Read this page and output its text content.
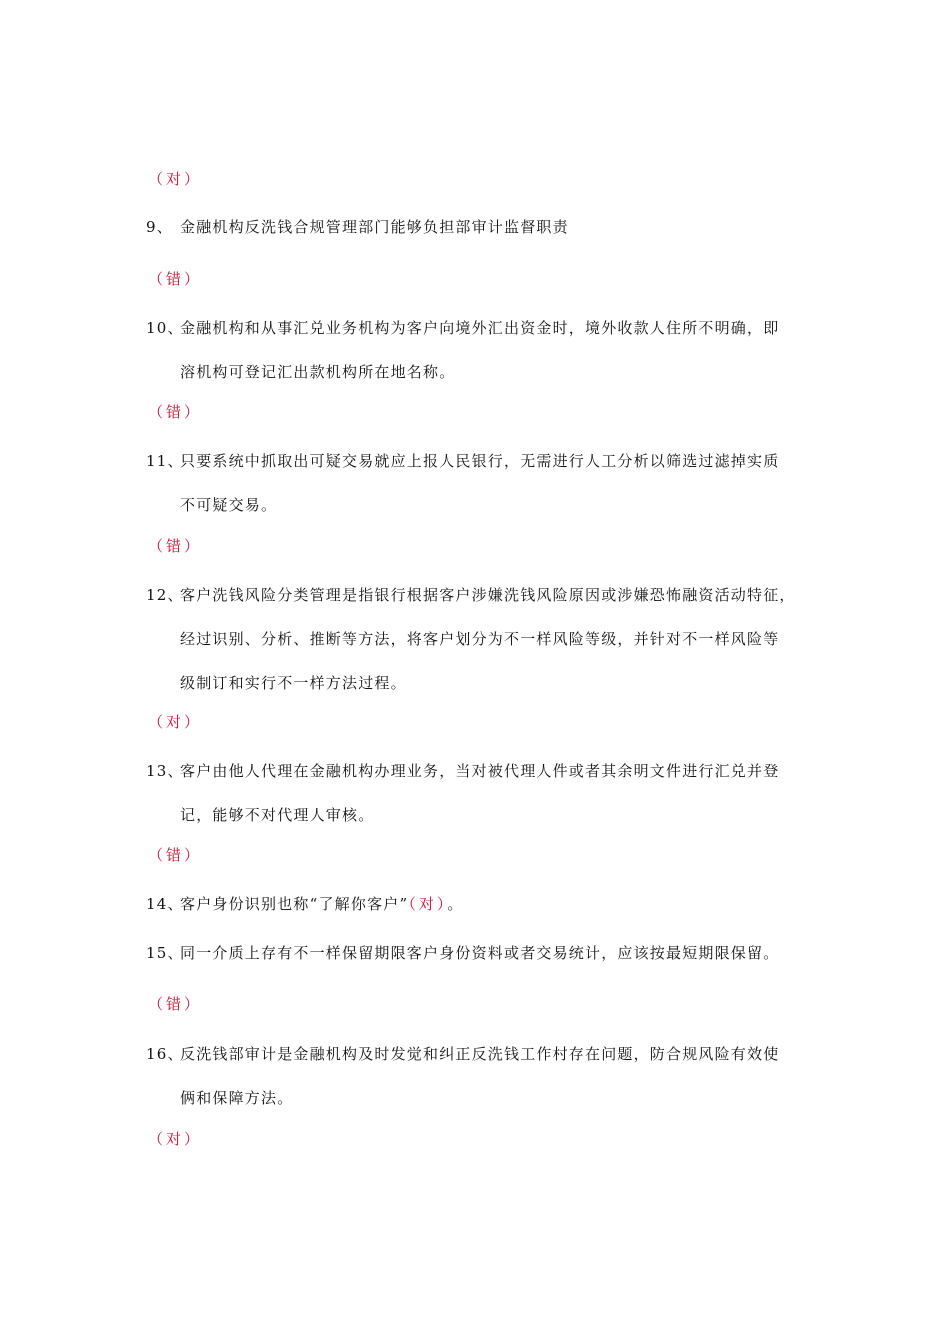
（对）
9、 金融机构反洗钱合规管理部门能够负担部审计监督职责
（错）
10、
金融机构和从事汇兑业务机构为客户向境外汇出资金时，境外收款人住所不明确，即
溶机构可登记汇出款机构所在地名称。
（错）
11、
只要系统中抓取出可疑交易就应上报人民银行，无需进行人工分析以筛选过滤掉实质
不可疑交易。
（错）
12、
客户洗钱风险分类管理是指银行根据客户涉嫌洗钱风险原因或涉嫌恐怖融资活动特征，
经过识别、分析、推断等方法，将客户划分为不一样风险等级，并针对不一样风险等
级制订和实行不一样方法过程。
（对）
13、
客户由他人代理在金融机构办理业务，当对被代理人件或者其余明文件进行汇兑并登
记，能够不对代理人审核。
（错）
14、
客户身份识别也称“了解你客户”（对）。
15、
同一介质上存有不一样保留期限客户身份资料或者交易统计，应该按最短期限保留。
（错）
16、
反洗钱部审计是金融机构及时发觉和纠正反洗钱工作村存在问题，防合规风险有效使
俩和保障方法。
（对）
